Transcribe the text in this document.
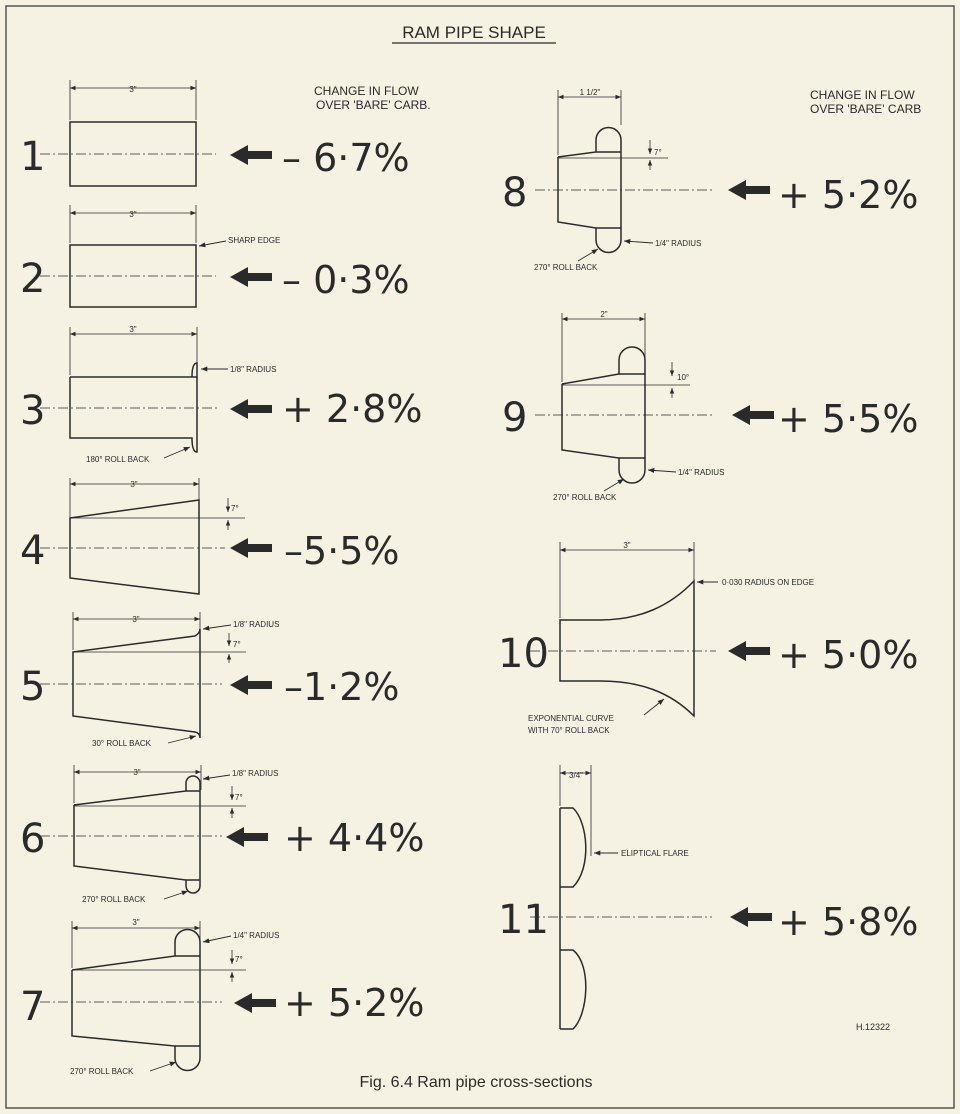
RAM PIPE SHAPE
CHANGE IN FLOW
OVER 'BARE' CARB.
CHANGE IN FLOW
OVER 'BARE' CARB
3"
3"
3"
3"
3"
3"
3"
1 1/2"
2"
3"
3/4"
7°
7°
7°
7°
7°
10°
SHARP EDGE
1/8" RADIUS
180° ROLL BACK
1/8" RADIUS
30° ROLL BACK
1/8" RADIUS
270° ROLL BACK
1/4" RADIUS
270° ROLL BACK
1/4" RADIUS
270° ROLL BACK
1/4" RADIUS
270° ROLL BACK
0·030 RADIUS ON EDGE
EXPONENTIAL CURVE
WITH 70° ROLL BACK
ELIPTICAL FLARE
1
2
3
4
5
6
7
8
9
10
11
– 6·7%
– 0·3%
+ 2·8%
–5·5%
–1·2%
+ 4·4%
+ 5·2%
+ 5·2%
+ 5·5%
+ 5·0%
+ 5·8%
H.12322
Fig. 6.4 Ram pipe cross-sections
